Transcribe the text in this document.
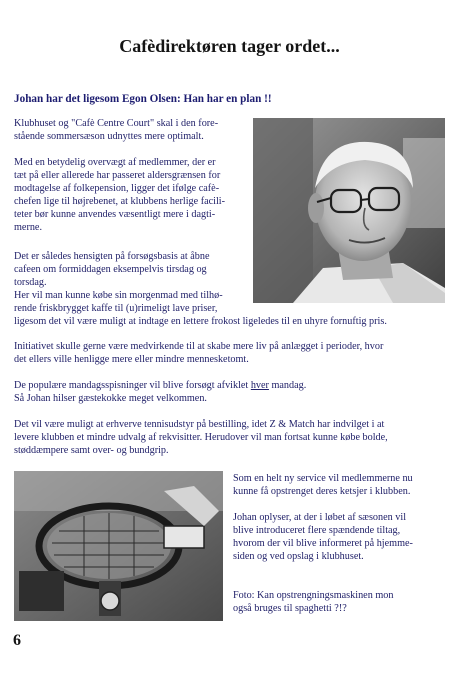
Cafèdirektøren tager ordet...
Johan har det ligesom Egon Olsen: Han har en plan !!

Klubhuset og "Cafè Centre Court" skal i den fore-
stående sommersæson udnyttes mere optimalt.

Med en betydelig overvægt af medlemmer, der er
tæt på eller allerede har passeret aldersgrænsen for
modtagelse af folkepension, ligger det ifølge cafè-
chefen lige til højrebenet, at klubbens herlige facili-
teter bør kunne anvendes væsentligt mere i dagti-
merne.

Det er således hensigten på forsøgsbasis at åbne
cafeen om formiddagen eksempelvis tirsdag og
torsdag.
Her vil man kunne købe sin morgenmad med tilhø-
rende friskbrygget kaffe til (u)rimeligt lave priser,
ligesom det vil være muligt at indtage en lettere frokost ligeledes til en uhyre fornuftig pris.

Initiativet skulle gerne være medvirkende til at skabe mere liv på anlægget i perioder, hvor
det ellers ville henligge mere eller mindre mennesketomt.

De populære mandagsspisninger vil blive forsøgt afviklet hver mandag.
Så Johan hilser gæstekokke meget velkommen.

Det vil være muligt at erhverve tennisudstyr på bestilling, idet Z & Match har indvilget i at
levere klubben et mindre udvalg af rekvisitter. Herudover vil man fortsat kunne købe bolde,
støddæmpere samt over- og bundgrip.

Som en helt ny service vil medlemmerne nu
kunne få opstrenget deres ketsjer i klubben.

Johan oplyser, at der i løbet af sæsonen vil
blive introduceret flere spændende tiltag,
hvorom der vil blive informeret på hjemme-
siden og ved opslag i klubhuset.

Foto: Kan opstrengningsmaskinen mon
også bruges til spaghetti ?!?

6
